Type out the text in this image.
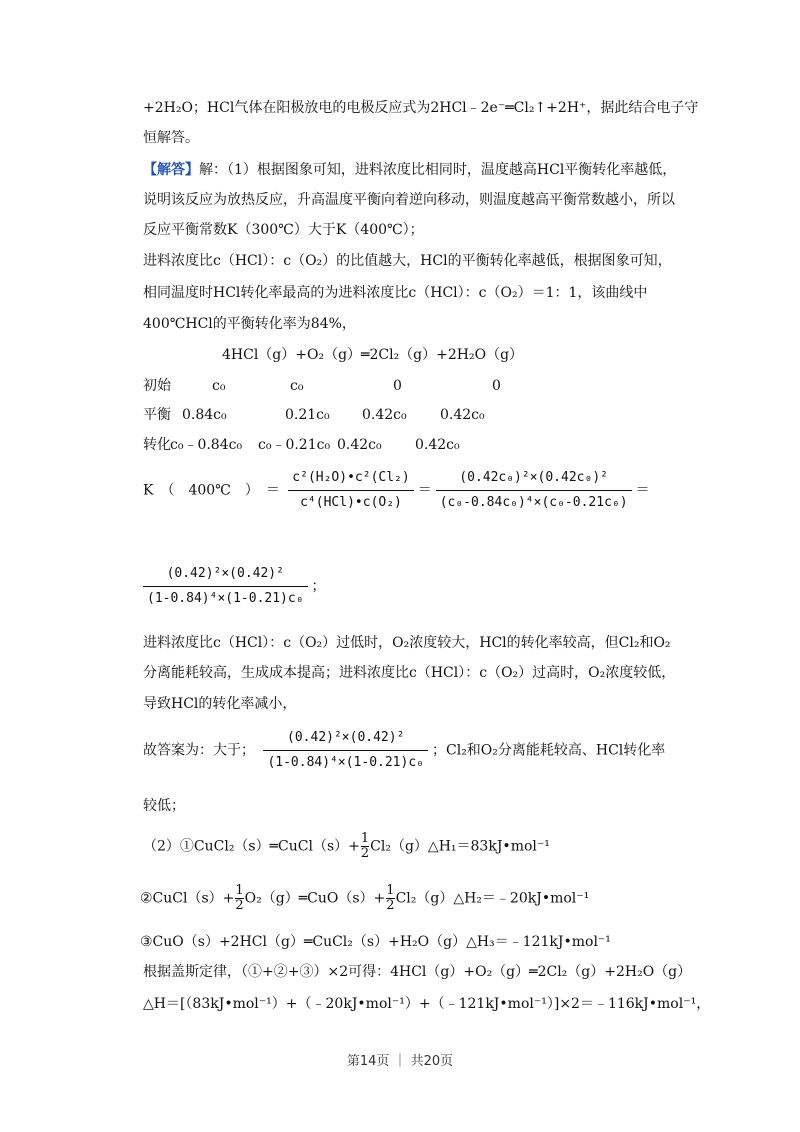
+2H₂O；HCl气体在阳极放电的电极反应式为2HCl﹣2e⁻═Cl₂↑+2H⁺，据此结合电子守
恒解答。
【解答】解：（1）根据图象可知，进料浓度比相同时，温度越高HCl平衡转化率越低，
说明该反应为放热反应，升高温度平衡向着逆向移动，则温度越高平衡常数越小，所以
反应平衡常数K（300℃）大于K（400℃）；
进料浓度比c（HCl）：c（O₂）的比值越大，HCl的平衡转化率越低，根据图象可知，
相同温度时HCl转化率最高的为进料浓度比c（HCl）：c（O₂）＝1：1，该曲线中
400℃HCl的平衡转化率为84%，
4HCl（g）+O₂（g）═2Cl₂（g）+2H₂O（g）
初始	c₀	c₀	0	0
平衡 0.84c₀	0.21c₀ 0.42c₀ 0.42c₀
转化 c₀﹣0.84c₀ c₀﹣0.21c₀ 0.42c₀ 0.42c₀
K　（　400℃　）　＝ $\frac{\text{c²(H₂O)•c²(Cl₂)}}{\text{c⁴(HCl)•c(O₂)}} = \frac{\text{(0.42c₀)²×(0.42c₀)²}}{\text{(c₀-0.84c₀)⁴×(c₀-0.21c₀)}}$ ＝
$\frac{\text{(0.42)²×(0.42)²}}{\text{(1-0.84)⁴×(1-0.21)c₀}}$ ；
进料浓度比c（HCl）：c（O₂）过低时，O₂浓度较大，HCl的转化率较高，但Cl₂和O₂
分离能耗较高，生成成本提高；进料浓度比c（HCl）：c（O₂）过高时，O₂浓度较低，
导致HCl的转化率减小，
故答案为：大于； $\frac{\text{(0.42)²×(0.42)²}}{\text{(1-0.84)⁴×(1-0.21)c₀}}$ ；Cl₂和O₂分离能耗较高、HCl转化率
较低；
（2）①CuCl₂（s）═CuCl（s）+ $\frac{1}{2}$ Cl₂（g）△H₁＝83kJ•mol⁻¹
②CuCl（s）+ $\frac{1}{2}$ O₂（g）═CuO（s）+ $\frac{1}{2}$ Cl₂（g）△H₂＝﹣20kJ•mol⁻¹
③CuO（s）+2HCl（g）═CuCl₂（s）+H₂O（g）△H₃＝﹣121kJ•mol⁻¹
根据盖斯定律，（①+②+③）×2可得：4HCl（g）+O₂（g）═2Cl₂（g）+2H₂O（g）
△H＝[（83kJ•mol⁻¹）+（﹣20kJ•mol⁻¹）+（﹣121kJ•mol⁻¹）]×2＝﹣116kJ•mol⁻¹，
第14页 ｜ 共20页
